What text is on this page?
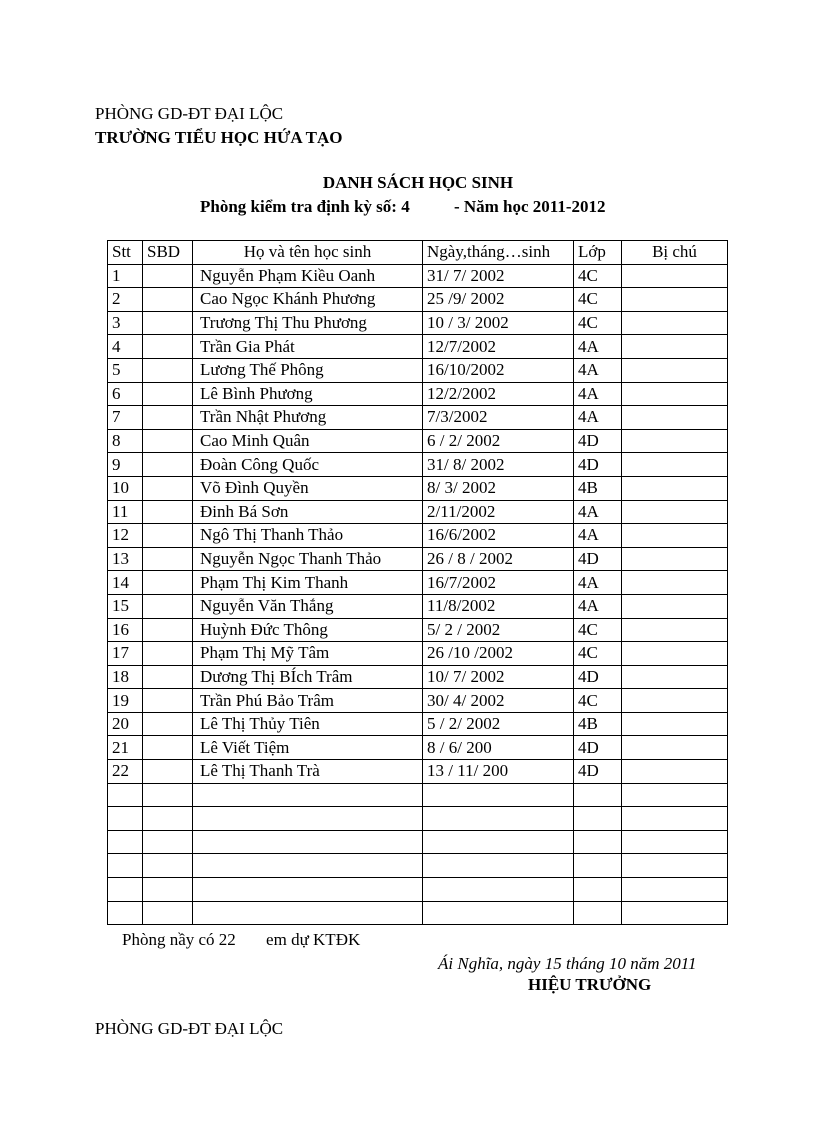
PHÒNG GD-ĐT ĐẠI LỘC
TRƯỜNG TIỂU HỌC HỨA TẠO
DANH SÁCH HỌC SINH
Phòng kiểm tra định kỳ số: 4	- Năm học 2011-2012
Stt	SBD	Họ và tên học sinh	Ngày,tháng…sinh	Lớp	Bị chú
1		Nguyễn Phạm Kiều Oanh	31/ 7/ 2002	4C	
2		Cao Ngọc Khánh Phương	25 /9/ 2002	4C	
3		Trương Thị Thu Phương	10 / 3/ 2002	4C	
4		Trần Gia Phát	12/7/2002	4A	
5		Lương Thế Phông	16/10/2002	4A	
6		Lê Bình Phương	12/2/2002	4A	
7		Trần Nhật Phương	7/3/2002	4A	
8		Cao Minh Quân	6 / 2/ 2002	4D	
9		Đoàn Công Quốc	31/ 8/ 2002	4D	
10		Võ Đình Quyền	8/ 3/ 2002	4B	
11		Đinh Bá Sơn	2/11/2002	4A	
12		Ngô Thị Thanh Thảo	16/6/2002	4A	
13		Nguyễn Ngọc Thanh Thảo	26 / 8 / 2002	4D	
14		Phạm Thị Kim Thanh	16/7/2002	4A	
15		Nguyễn Văn Thắng	11/8/2002	4A	
16		Huỳnh Đức Thông	5/ 2 / 2002	4C	
17		Phạm Thị Mỹ Tâm	26 /10 /2002	4C	
18		Dương Thị BÍch Trâm	10/ 7/ 2002	4D	
19		Trần Phú Bảo Trâm	30/ 4/ 2002	4C	
20		Lê Thị Thủy Tiên	5 / 2/ 2002	4B	
21		Lê Viết Tiệm	8 / 6/ 200	4D	
22		Lê Thị Thanh Trà	13 / 11/ 200	4D	

Phòng nầy có 22 em dự KTĐK
Ái Nghĩa, ngày 15 tháng 10 năm 2011
HIỆU TRƯỞNG
PHÒNG GD-ĐT ĐẠI LỘC
